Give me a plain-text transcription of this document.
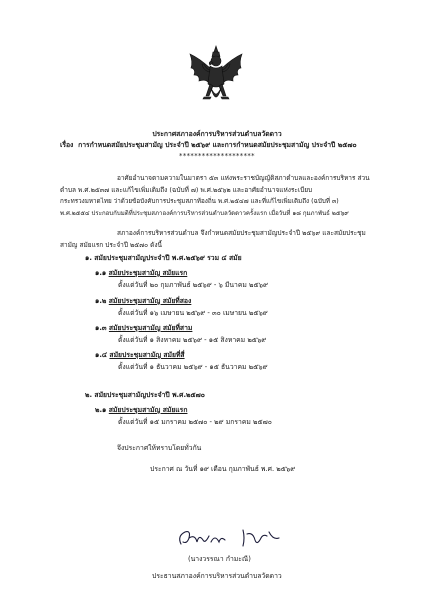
ประกาศสภาองค์การบริหารส่วนตำบลวัดดาว
เรื่อง การกำหนดสมัยประชุมสามัญ ประจำปี ๒๕๖๙ และการกำหนดสมัยประชุมสามัญ ประจำปี ๒๕๗๐
********************
อาศัยอำนาจตามความในมาตรา ๕๓ แห่งพระราชบัญญัติสภาตำบลและองค์การบริหาร ส่วน
ตำบล พ.ศ.๒๕๓๗ และแก้ไขเพิ่มเติมถึง (ฉบับที่ ๗) พ.ศ.๒๕๖๒ และอาศัยอำนาจแห่งระเบียบ
กระทรวงมหาดไทย ว่าด้วยข้อบังคับการประชุมสภาท้องถิ่น พ.ศ.๒๕๔๗ และที่แก้ไขเพิ่มเติมถึง (ฉบับที่ ๓)
พ.ศ.๒๕๕๔ ประกอบกับมติที่ประชุมสภาองค์การบริหารส่วนตำบลวัดดาวครั้งแรก เมื่อวันที่ ๑๘ กุมภาพันธ์ ๒๕๖๙
สภาองค์การบริหารส่วนตำบล จึงกำหนดสมัยประชุมสามัญประจำปี ๒๕๖๙ และสมัยประชุม
สามัญ สมัยแรก ประจำปี ๒๕๗๐ ดังนี้
๑. สมัยประชุมสามัญประจำปี พ.ศ.๒๕๖๙ รวม ๔ สมัย
๑.๑ สมัยประชุมสามัญ สมัยแรก
ตั้งแต่วันที่ ๒๐ กุมภาพันธ์ ๒๕๖๙ - ๖ มีนาคม ๒๕๖๙
๑.๒ สมัยประชุมสามัญ สมัยที่สอง
ตั้งแต่วันที่ ๑๖ เมษายน ๒๕๖๙ - ๓๐ เมษายน ๒๕๖๙
๑.๓ สมัยประชุมสามัญ สมัยที่สาม
ตั้งแต่วันที่ ๑ สิงหาคม ๒๕๖๙ - ๑๕ สิงหาคม ๒๕๖๙
๑.๔ สมัยประชุมสามัญ สมัยที่สี่
ตั้งแต่วันที่ ๑ ธันวาคม ๒๕๖๙ - ๑๕ ธันวาคม ๒๕๖๙
๒. สมัยประชุมสามัญประจำปี พ.ศ.๒๕๗๐
๒.๑ สมัยประชุมสามัญ สมัยแรก
ตั้งแต่วันที่ ๑๕ มกราคม ๒๕๗๐ - ๒๙ มกราคม ๒๕๗๐
จึงประกาศให้ทราบโดยทั่วกัน
ประกาศ ณ วันที่ ๑๙ เดือน กุมภาพันธ์ พ.ศ. ๒๕๖๙
(นางวรรณา กำมะณี)
ประธานสภาองค์การบริหารส่วนตำบลวัดดาว
